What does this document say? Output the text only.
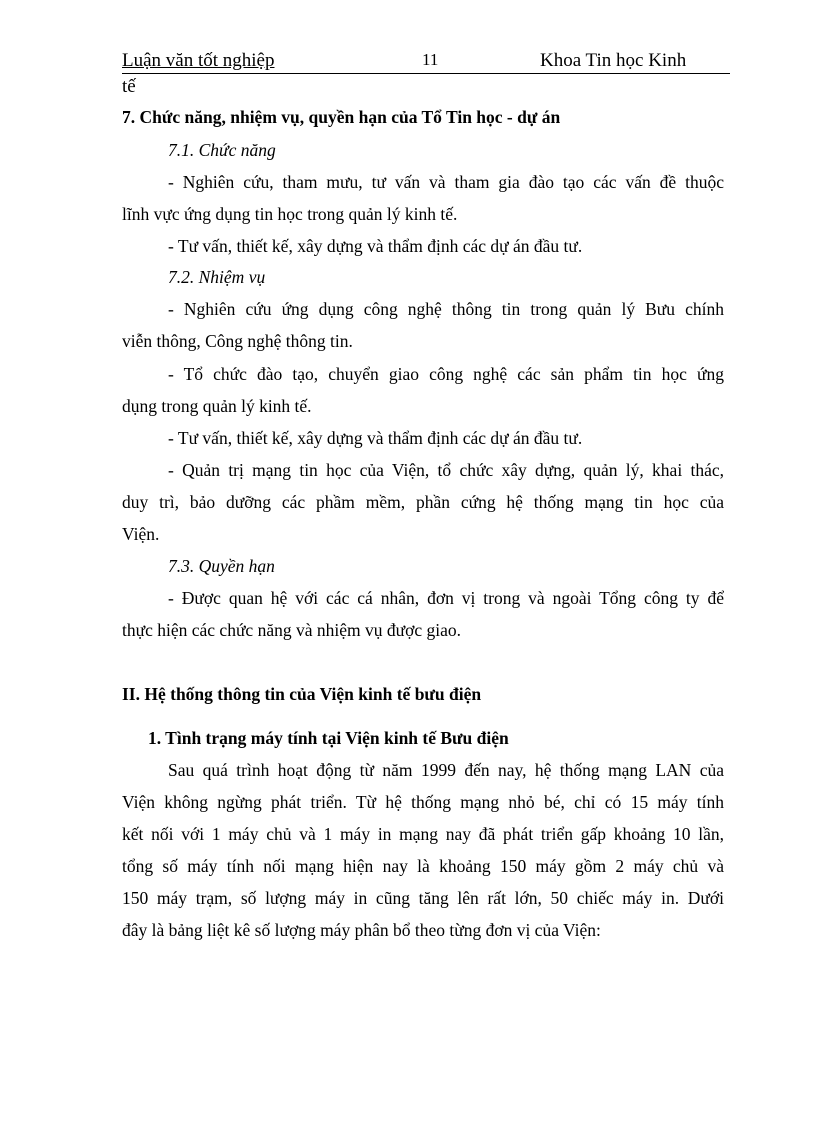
Luận văn tốt nghiệp	11	Khoa Tin học Kinh
tế
7. Chức năng, nhiệm vụ, quyền hạn của Tổ Tin học - dự án
7.1. Chức năng
- Nghiên cứu, tham mưu, tư vấn và tham gia đào tạo các vấn đề thuộc
lĩnh vực ứng dụng tin học trong quản lý kinh tế.
- Tư vấn, thiết kế, xây dựng và thẩm định các dự án đầu tư.
7.2. Nhiệm vụ
- Nghiên cứu ứng dụng công nghệ thông tin trong quản lý Bưu chính
viễn thông, Công nghệ thông tin.
- Tổ chức đào tạo, chuyển giao công nghệ các sản phẩm tin học ứng
dụng trong quản lý kinh tế.
- Tư vấn, thiết kế, xây dựng và thẩm định các dự án đầu tư.
- Quản trị mạng tin học của Viện, tổ chức xây dựng, quản lý, khai thác,
duy trì, bảo dưỡng các phầm mềm, phần cứng hệ thống mạng tin học của
Viện.
7.3. Quyền hạn
- Được quan hệ với các cá nhân, đơn vị trong và ngoài Tổng công ty để
thực hiện các chức năng và nhiệm vụ được giao.
II. Hệ thống thông tin của Viện kinh tế bưu điện
1. Tình trạng máy tính tại Viện kinh tế Bưu điện
Sau quá trình hoạt động từ năm 1999 đến nay, hệ thống mạng LAN của
Viện không ngừng phát triển. Từ hệ thống mạng nhỏ bé, chỉ có 15 máy tính
kết nối với 1 máy chủ và 1 máy in mạng nay đã phát triển gấp khoảng 10 lần,
tổng số máy tính nối mạng hiện nay là khoảng 150 máy gồm 2 máy chủ và
150 máy trạm, số lượng máy in cũng tăng lên rất lớn, 50 chiếc máy in. Dưới
đây là bảng liệt kê số lượng máy phân bổ theo từng đơn vị của Viện:
